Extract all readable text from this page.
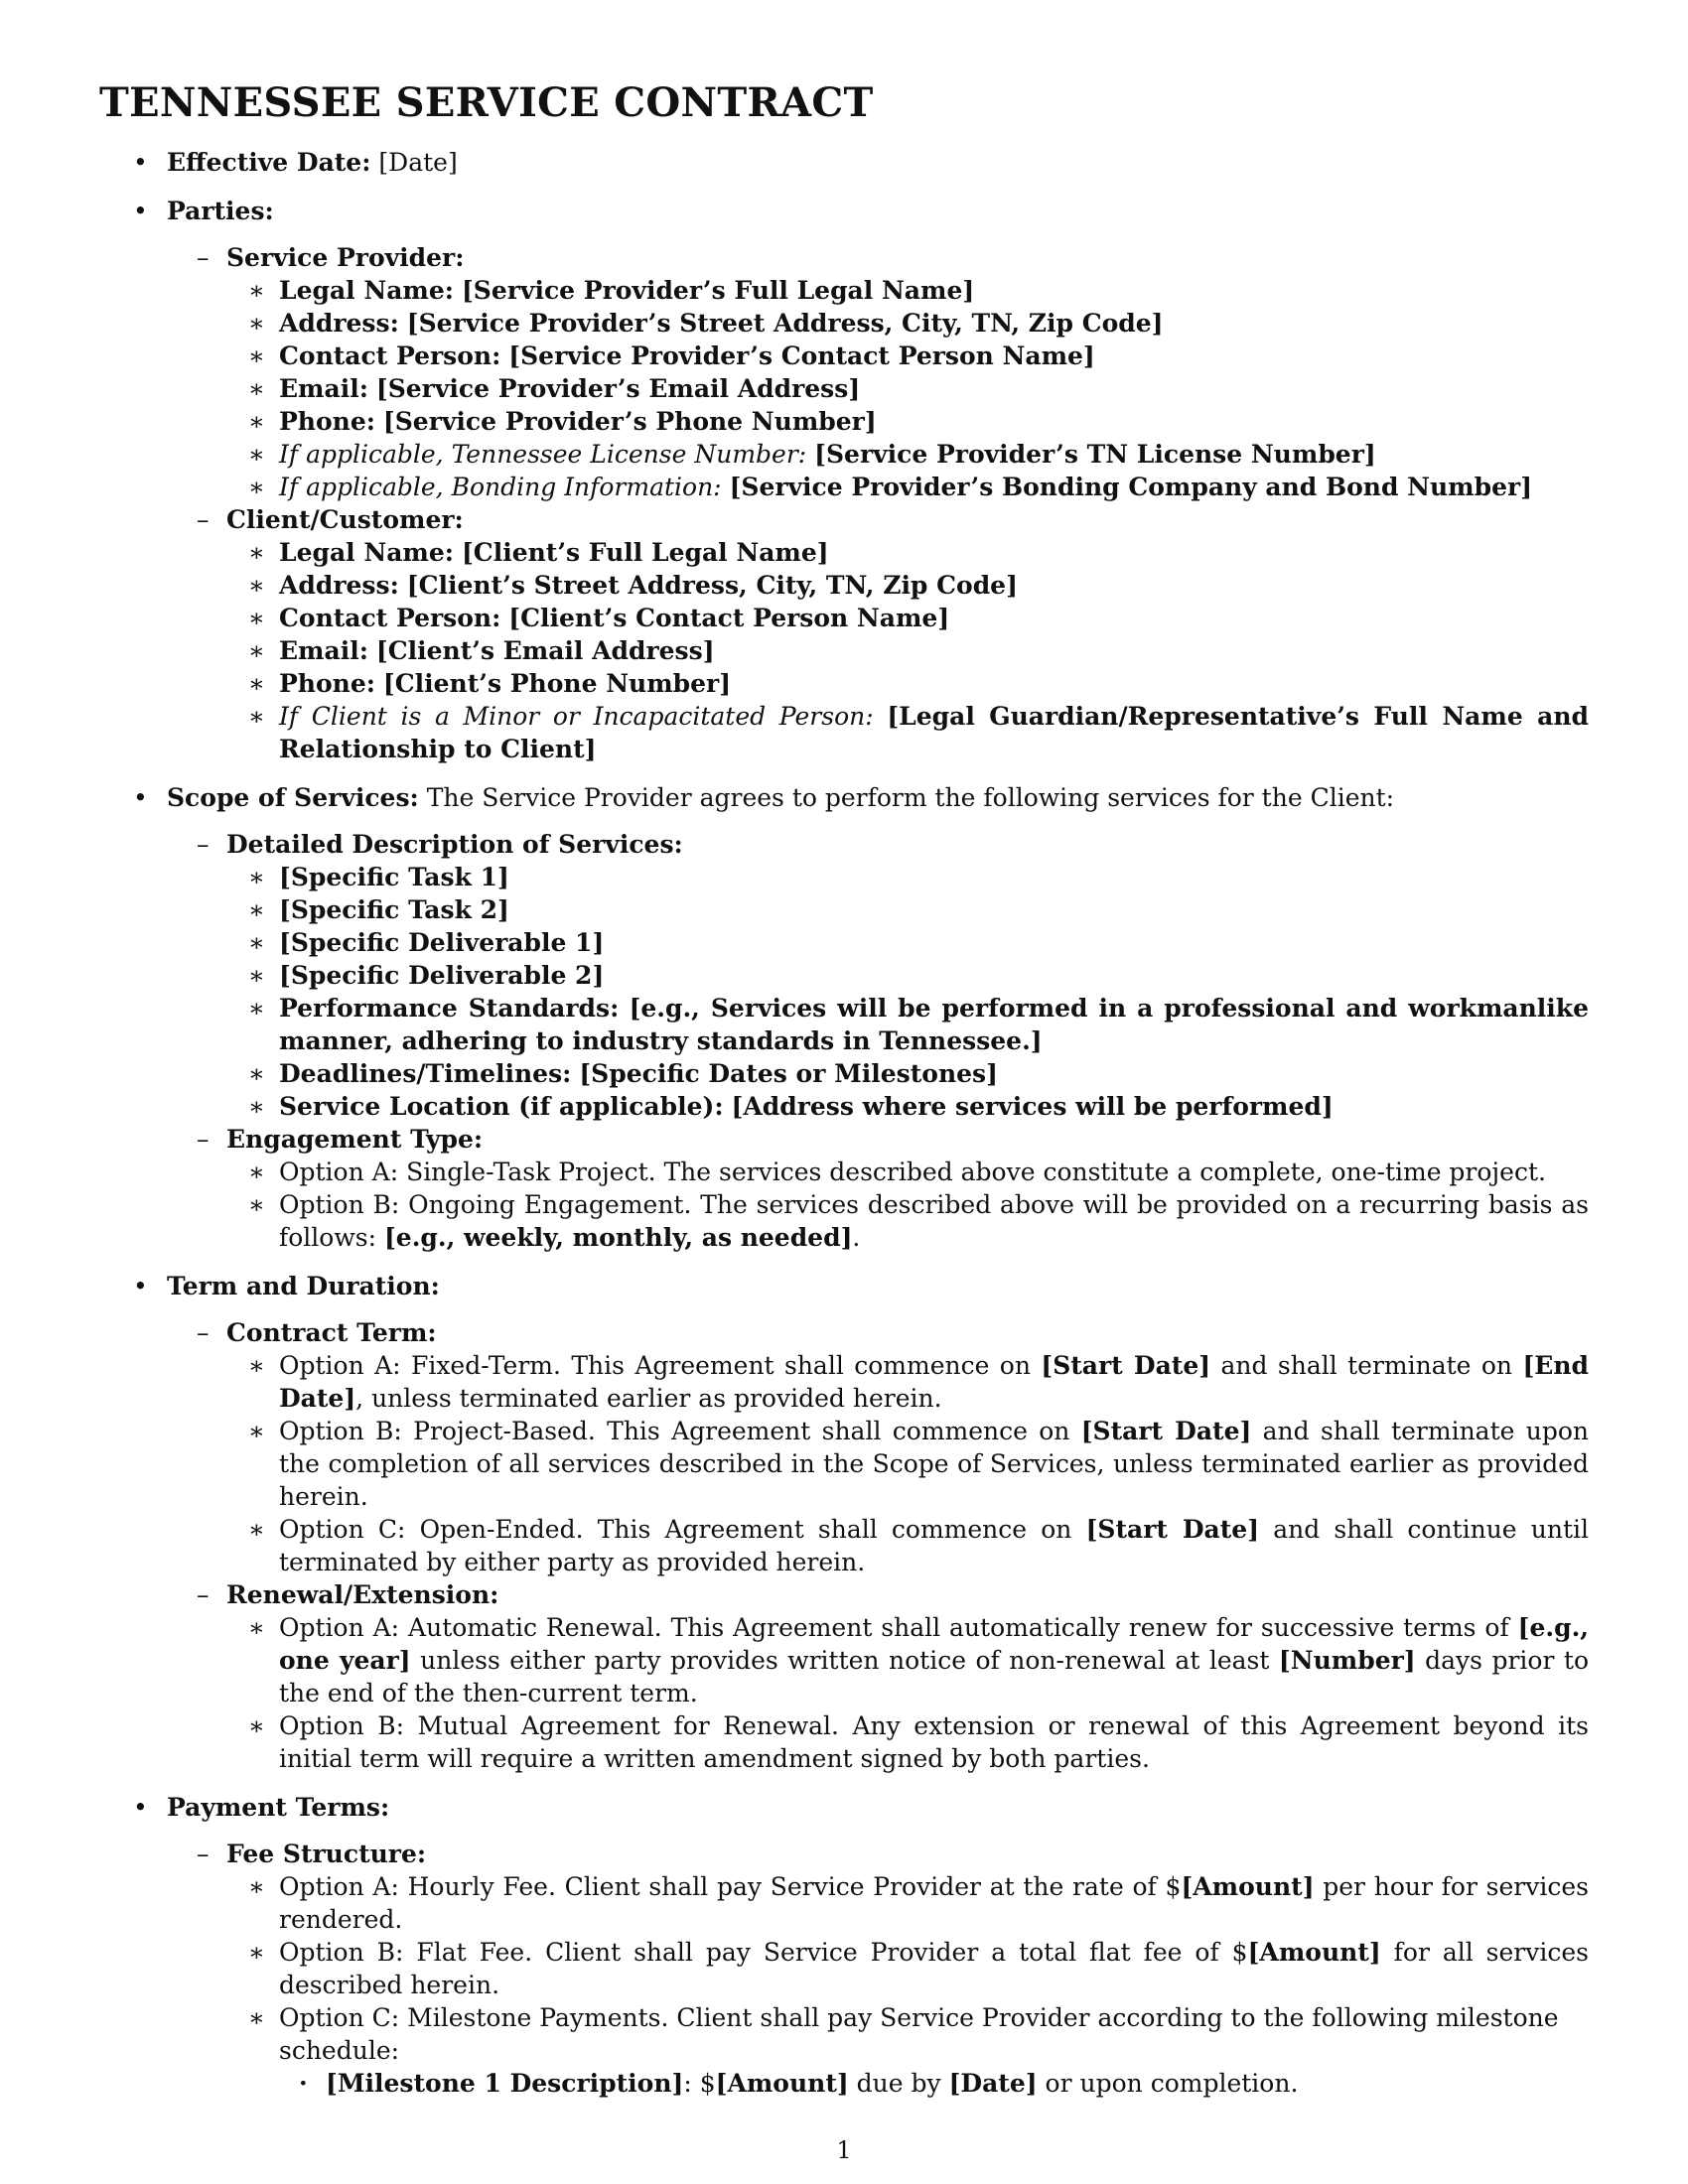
TENNESSEE SERVICE CONTRACT
• Effective Date: [Date]
• Parties:
– Service Provider:
∗ Legal Name: [Service Provider’s Full Legal Name]
∗ Address: [Service Provider’s Street Address, City, TN, Zip Code]
∗ Contact Person: [Service Provider’s Contact Person Name]
∗ Email: [Service Provider’s Email Address]
∗ Phone: [Service Provider’s Phone Number]
∗ If applicable, Tennessee License Number: [Service Provider’s TN License Number]
∗ If applicable, Bonding Information: [Service Provider’s Bonding Company and Bond Number]
– Client/Customer:
∗ Legal Name: [Client’s Full Legal Name]
∗ Address: [Client’s Street Address, City, TN, Zip Code]
∗ Contact Person: [Client’s Contact Person Name]
∗ Email: [Client’s Email Address]
∗ Phone: [Client’s Phone Number]
∗ If Client is a Minor or Incapacitated Person: [Legal Guardian/Representative’s Full Name and Relationship to Client]
• Scope of Services: The Service Provider agrees to perform the following services for the Client:
– Detailed Description of Services:
∗ [Specific Task 1]
∗ [Specific Task 2]
∗ [Specific Deliverable 1]
∗ [Specific Deliverable 2]
∗ Performance Standards: [e.g., Services will be performed in a professional and workmanlike manner, adhering to industry standards in Tennessee.]
∗ Deadlines/Timelines: [Specific Dates or Milestones]
∗ Service Location (if applicable): [Address where services will be performed]
– Engagement Type:
∗ Option A: Single-Task Project. The services described above constitute a complete, one-time project.
∗ Option B: Ongoing Engagement. The services described above will be provided on a recurring basis as follows: [e.g., weekly, monthly, as needed].
• Term and Duration:
– Contract Term:
∗ Option A: Fixed-Term. This Agreement shall commence on [Start Date] and shall terminate on [End Date], unless terminated earlier as provided herein.
∗ Option B: Project-Based. This Agreement shall commence on [Start Date] and shall terminate upon the completion of all services described in the Scope of Services, unless terminated earlier as provided herein.
∗ Option C: Open-Ended. This Agreement shall commence on [Start Date] and shall continue until terminated by either party as provided herein.
– Renewal/Extension:
∗ Option A: Automatic Renewal. This Agreement shall automatically renew for successive terms of [e.g., one year] unless either party provides written notice of non-renewal at least [Number] days prior to the end of the then-current term.
∗ Option B: Mutual Agreement for Renewal. Any extension or renewal of this Agreement beyond its initial term will require a written amendment signed by both parties.
• Payment Terms:
– Fee Structure:
∗ Option A: Hourly Fee. Client shall pay Service Provider at the rate of $[Amount] per hour for services rendered.
∗ Option B: Flat Fee. Client shall pay Service Provider a total flat fee of $[Amount] for all services described herein.
∗ Option C: Milestone Payments. Client shall pay Service Provider according to the following milestone schedule:
· [Milestone 1 Description]: $[Amount] due by [Date] or upon completion.
1
